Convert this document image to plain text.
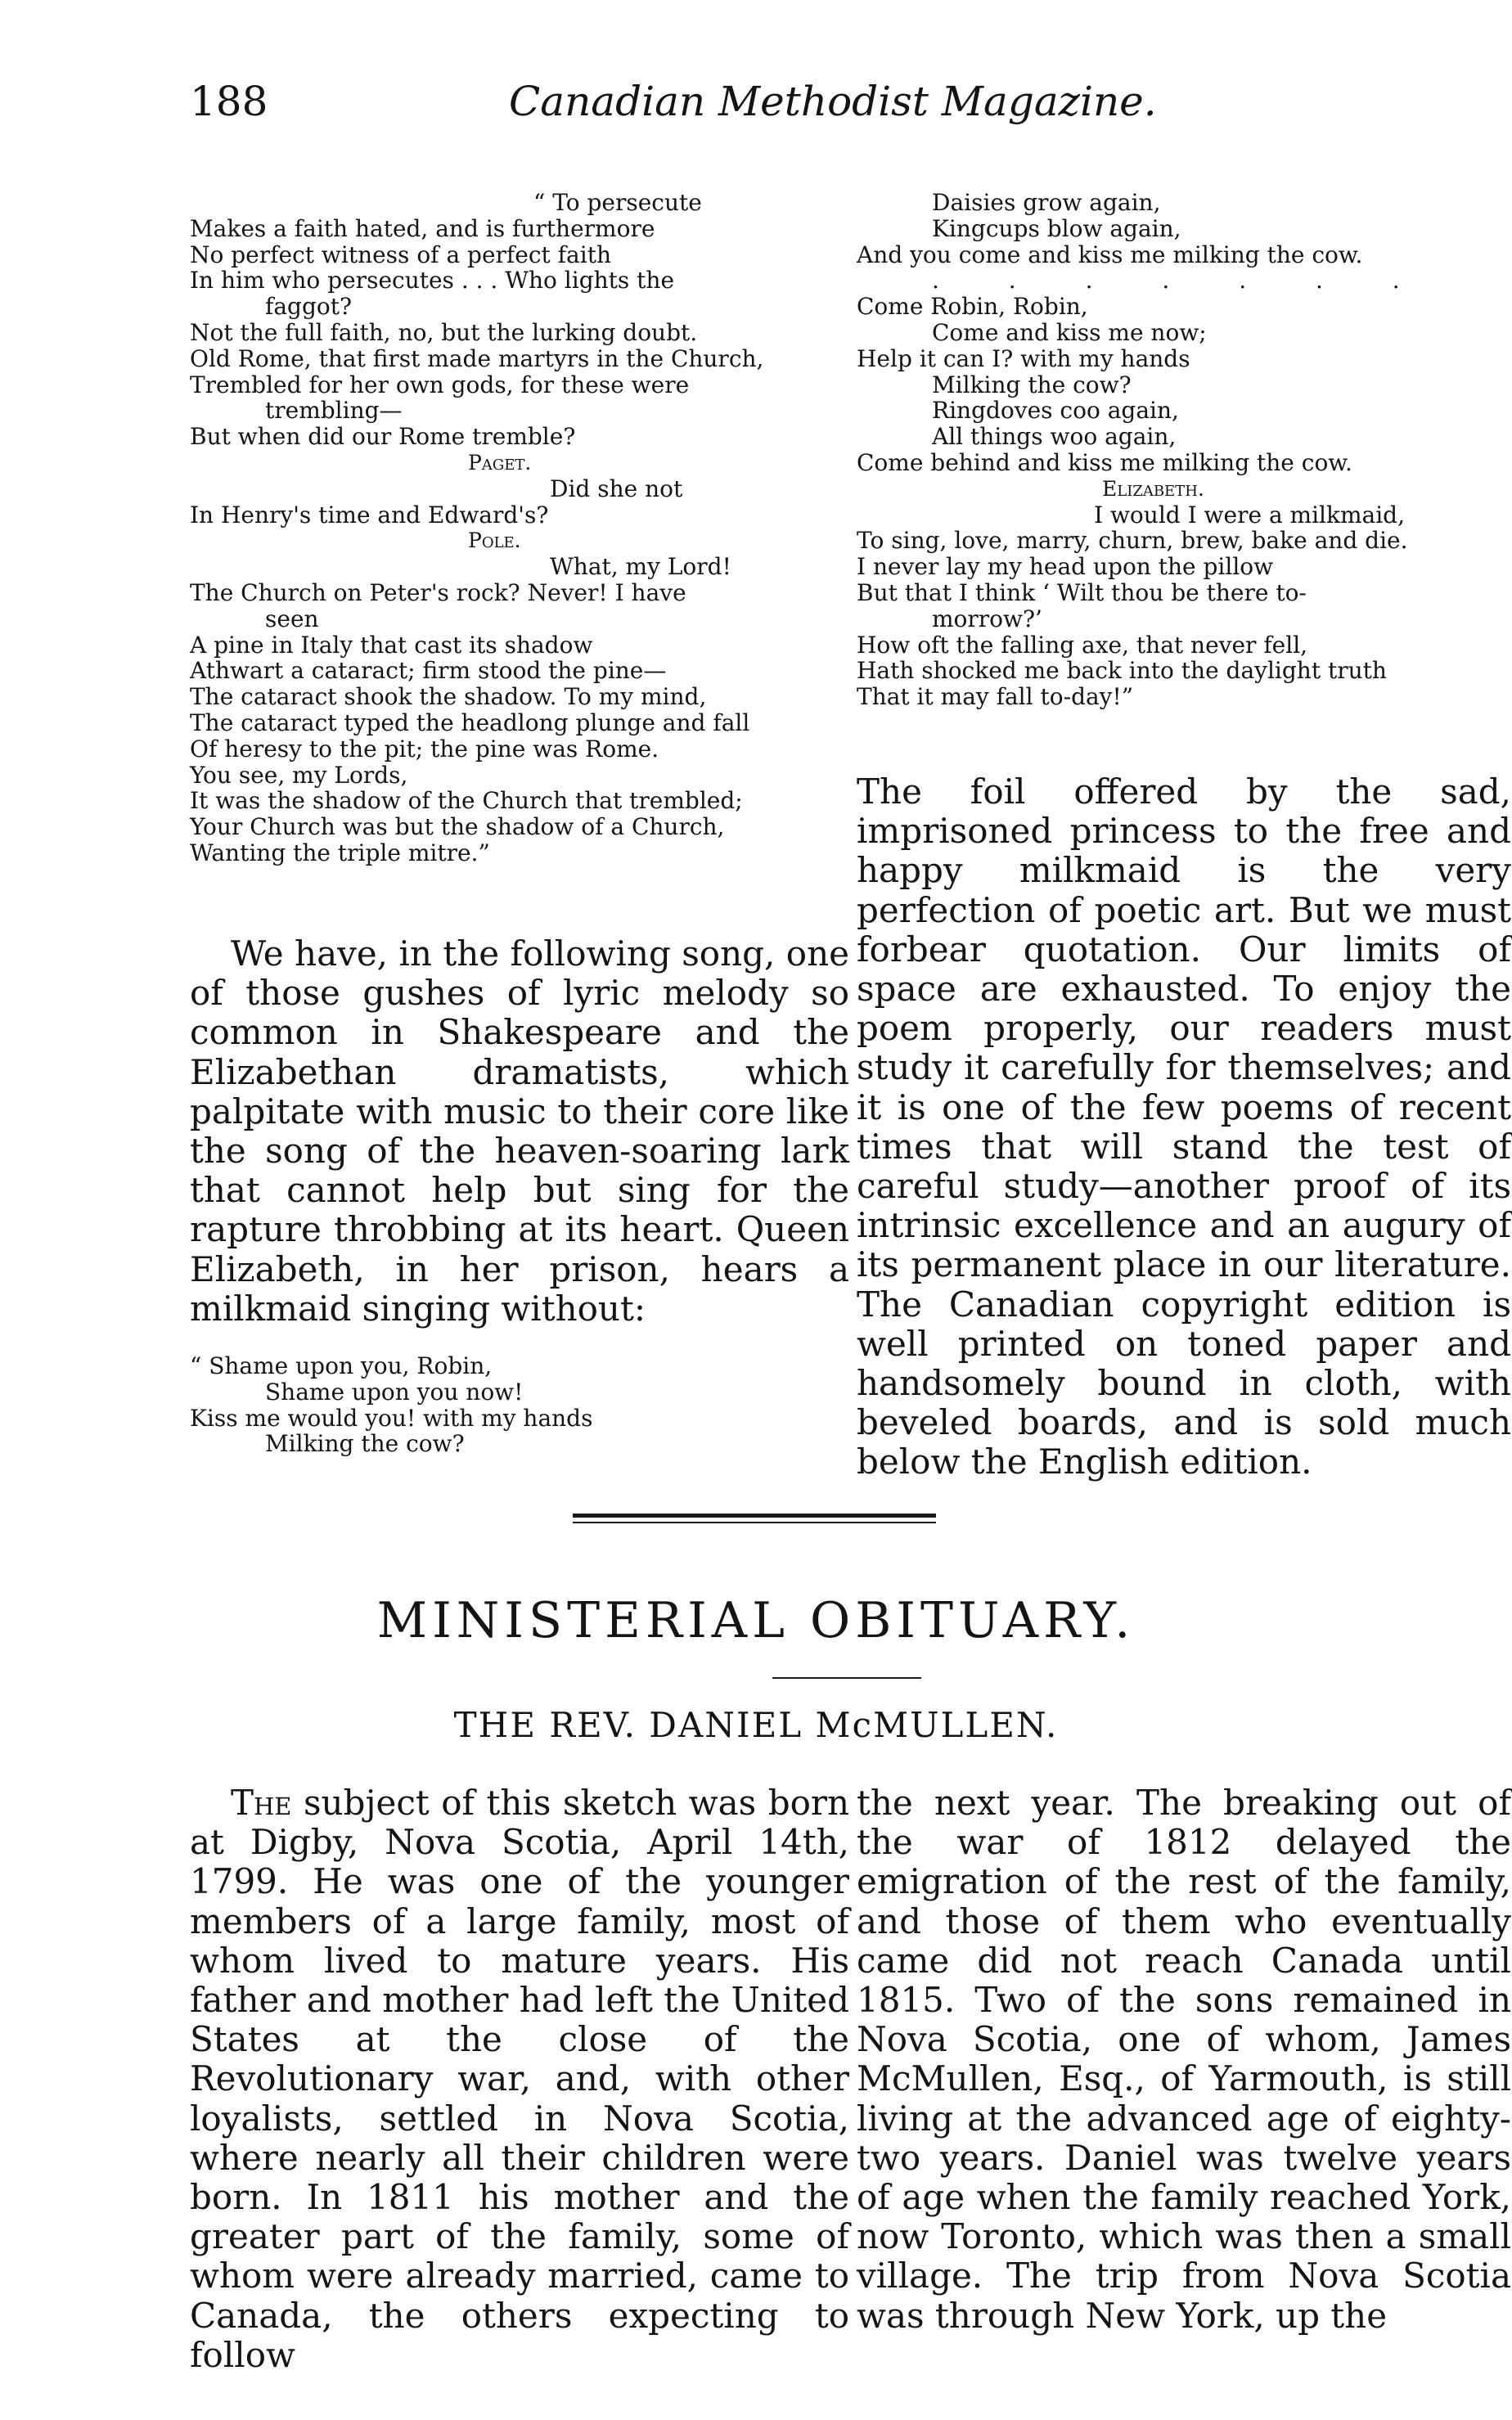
188	Canadian Methodist Magazine.
“ To persecute
Makes a faith hated, and is furthermore
No perfect witness of a perfect faith
In him who persecutes . . . Who lights the
faggot?
Not the full faith, no, but the lurking doubt.
Old Rome, that first made martyrs in the Church,
Trembled for her own gods, for these were
trembling—
But when did our Rome tremble?
Paget.
Did she not
In Henry's time and Edward's?
Pole.
What, my Lord!
The Church on Peter's rock? Never! I have
seen
A pine in Italy that cast its shadow
Athwart a cataract; firm stood the pine—
The cataract shook the shadow. To my mind,
The cataract typed the headlong plunge and fall
Of heresy to the pit; the pine was Rome.
You see, my Lords,
It was the shadow of the Church that trembled;
Your Church was but the shadow of a Church,
Wanting the triple mitre.”

We have, in the following song, one of those gushes of lyric melody so common in Shakespeare and the Elizabethan dramatists, which palpitate with music to their core like the song of the heaven-soaring lark that cannot help but sing for the rapture throbbing at its heart. Queen Elizabeth, in her prison, hears a milkmaid singing without:

“ Shame upon you, Robin,
Shame upon you now!
Kiss me would you! with my hands
Milking the cow?
Daisies grow again,
Kingcups blow again,
And you come and kiss me milking the cow.
. . . . . . .
Come Robin, Robin,
Come and kiss me now;
Help it can I? with my hands
Milking the cow?
Ringdoves coo again,
All things woo again,
Come behind and kiss me milking the cow.
Elizabeth.
I would I were a milkmaid,
To sing, love, marry, churn, brew, bake and die.
I never lay my head upon the pillow
But that I think ‘ Wilt thou be there to-
morrow?’
How oft the falling axe, that never fell,
Hath shocked me back into the daylight truth
That it may fall to-day!”

The foil offered by the sad, imprisoned princess to the free and happy milkmaid is the very perfection of poetic art. But we must forbear quotation. Our limits of space are exhausted. To enjoy the poem properly, our readers must study it carefully for themselves; and it is one of the few poems of recent times that will stand the test of careful study—another proof of its intrinsic excellence and an augury of its permanent place in our literature. The Canadian copyright edition is well printed on toned paper and handsomely bound in cloth, with beveled boards, and is sold much below the English edition.

MINISTERIAL OBITUARY.
THE REV. DANIEL McMULLEN.

The subject of this sketch was born at Digby, Nova Scotia, April 14th, 1799. He was one of the younger members of a large family, most of whom lived to mature years. His father and mother had left the United States at the close of the Revolutionary war, and, with other loyalists, settled in Nova Scotia, where nearly all their children were born. In 1811 his mother and the greater part of the family, some of whom were already married, came to Canada, the others expecting to follow

the next year. The breaking out of the war of 1812 delayed the emigration of the rest of the family, and those of them who eventually came did not reach Canada until 1815. Two of the sons remained in Nova Scotia, one of whom, James McMullen, Esq., of Yarmouth, is still living at the advanced age of eighty-two years. Daniel was twelve years of age when the family reached York, now Toronto, which was then a small village. The trip from Nova Scotia was through New York, up the
